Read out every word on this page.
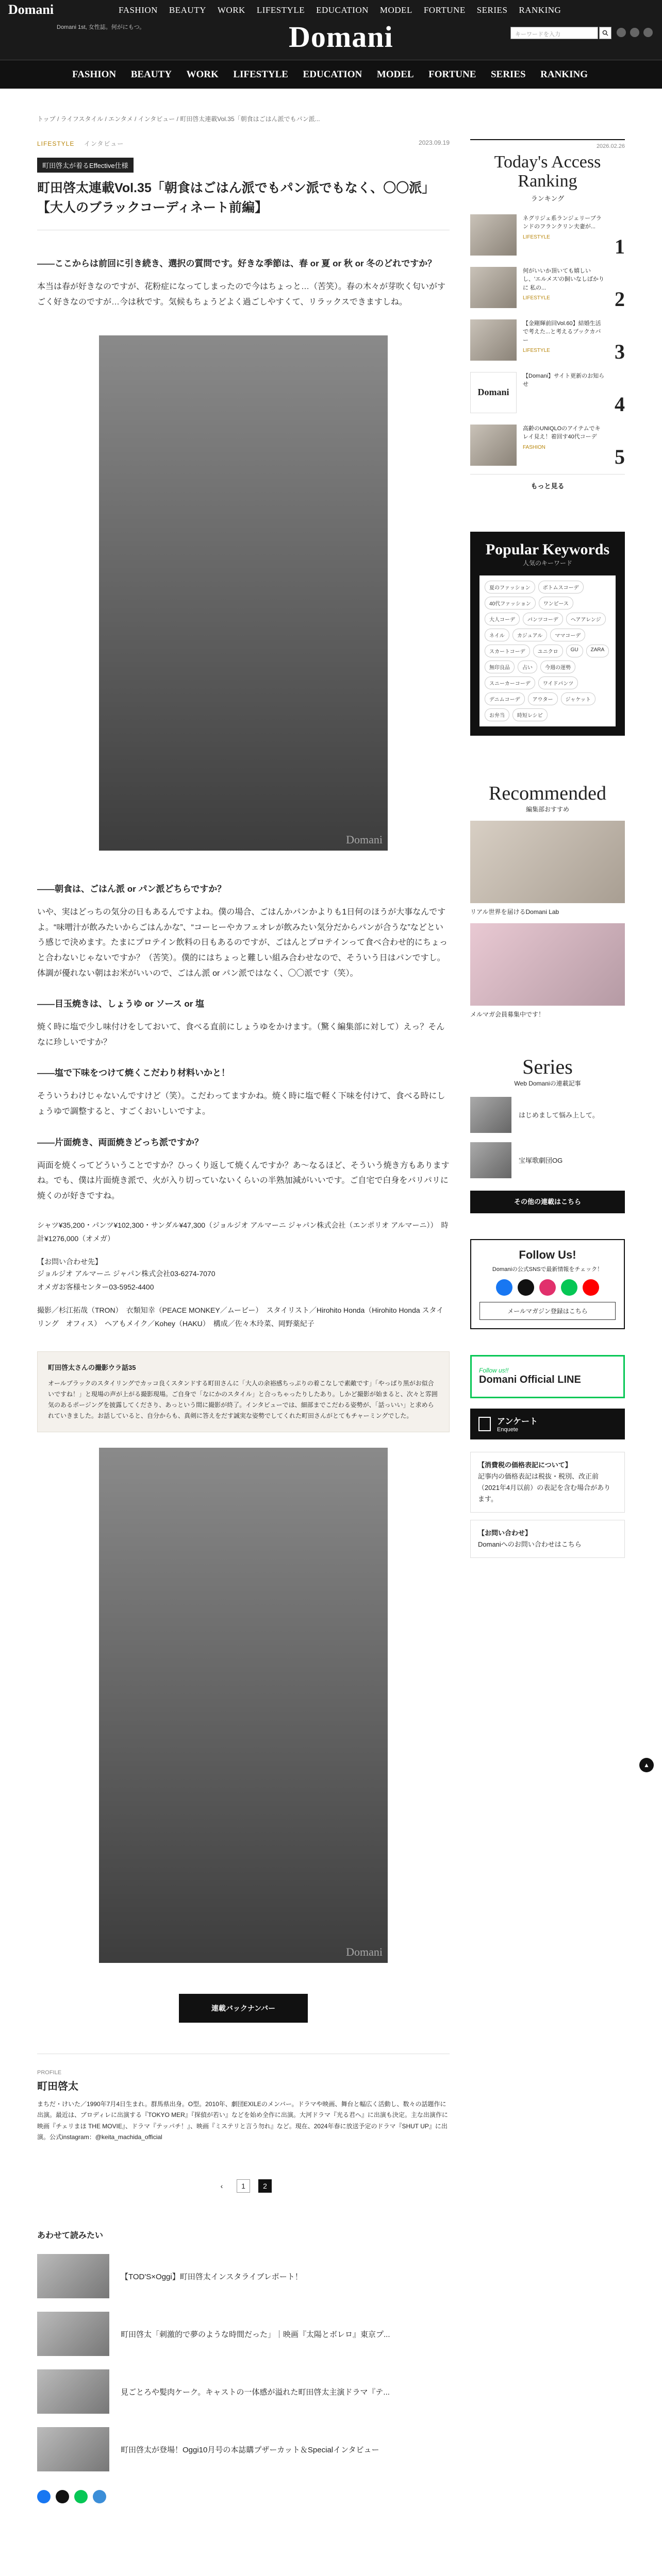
Domani	FASHION BEAUTY WORK LIFESTYLE EDUCATION MODEL FORTUNE SERIES RANKING
Domani 1st, 女性誌。何がにもつ。	Domani	キーワードを入力
FASHION BEAUTY WORK LIFESTYLE EDUCATION MODEL FORTUNE SERIES RANKING
トップ / ライフスタイル / エンタメ / インタビュー / 町田啓太連載Vol.35「朝食はごはん派でもパン派...
LIFESTYLE インタビュー	2023.09.19
町田啓太が着るEffective仕様
町田啓太連載Vol.35「朝食はごはん派でもパン派でもなく、〇〇派」【大人のブラックコーディネート前編】
——ここからは前回に引き続き、選択の質問です。好きな季節は、春 or 夏 or 秋 or 冬のどれですか？

本当は春が好きなのですが、花粉症になってしまったので今はちょっと…（苦笑）。春の木々が芽吹く匂いがすごく好きなのですが…今は秋です。気候もちょうどよく過ごしやすくて、リラックスできますしね。

Domani
——朝食は、ごはん派 or パン派どちらですか？

いや、実はどっちの気分の日もあるんですよね。僕の場合、ごはんかパンかよりも1日何のほうが大事なんですよ。“味噌汁が飲みたいからごはんかな”、“コーヒーやカフェオレが飲みたい気分だからパンが合うな”などという感じで決めます。たまにプロテイン飲料の日もあるのですが、ごはんとプロテインって食べ合わせ的にちょっと合わないじゃないですか？（苦笑）。僕的にはちょっと難しい組み合わせなので、そういう日はパンですし。体調が優れない朝はお米がいいので、ごはん派 or パン派ではなく、〇〇派です（笑）。

——目玉焼きは、しょうゆ or ソース or 塩

焼く時に塩で少し味付けをしておいて、食べる直前にしょうゆをかけます。（驚く編集部に対して）えっ？そんなに珍しいですか？

——塩で下味をつけて焼くこだわり材料いかと！

そういうわけじゃないんですけど（笑）。こだわってますかね。焼く時に塩で軽く下味を付けて、食べる時にしょうゆで調整すると、すごくおいしいですよ。

——片面焼き、両面焼きどっち派ですか？

両面を焼くってどういうことですか？ひっくり返して焼くんですか？あ～なるほど、そういう焼き方もありますね。でも、僕は片面焼き派で、火が入り切っていないくらいの半熟加減がいいです。ご自宅で白身をパリパリに焼くのが好きですね。

シャツ¥35,200・パンツ¥102,300・サンダル¥47,300（ジョルジオ アルマーニ ジャパン株式会社（エンポリオ アルマーニ））　時計¥1276,000（オメガ）

【お問い合わせ先】

ジョルジオ アルマーニ ジャパン株式会社03-6274-7070

オメガお客様センター03-5952-4400

撮影／杉江拓哉（TRON）　衣類知幸（PEACE MONKEY／ムービー）　スタイリスト／Hirohito Honda（Hirohito Honda スタイリング　オフィス）　ヘアもメイク／Kohey（HAKU）　構成／佐々木玲菜、岡野薬紀子

町田啓太さんの撮影ウラ話35

オールブラックのスタイリングでカッコ良くスタンドする町田さんに「大人の余裕感ちっぷりの着こなしで素敵です」「やっぱり黒がお似合いですね！」と現場の声が上がる撮影現場。ご自身で「なにかのスタイル」と合っちゃったりしたあり。しかど撮影が始まると、次々と雰囲気のあるポージングを披露してくださり、あっという間に撮影が終了。インタビューでは、細部までこだわる姿勢が、「話っいい」と求められていきました。お話していると、自分からも、真剣に答えをだす誠実な姿勢でしてくれた町田さんがとてもチャーミングでした。

Domani
連載バックナンバー
PROFILE
町田啓太

まちだ・けいた／1990年7月4日生まれ。群馬県出身。O型。2010年、劇団EXILEのメンバー。ドラマや映画、舞台と幅広く活動し、数々の話題作に出演。最近は、ブロディレに出演する『TOKYO MER』『探偵が若い』などを始め全作に出演。大河ドラマ『光る君へ』に出演も決定。主な出演作に映画『チェリまほ THE MOVIE』、ドラマ『テッパチ！』、映画『ミステリと言う勿れ』など。現在、2024年春に放送予定のドラマ『SHUT UP』に出演。公式instagram：@keita_machida_official

‹	1	2
あわせて読みたい
【TOD'S×Oggi】町田啓太インスタライブレポート！
町田啓太「刺激的で夢のような時間だった」｜映画『太陽とボレロ』東京プ...
見ごとろや髪肉ケーク。キャストの一体感が溢れた町田啓太主演ドラマ『テ...
町田啓太が登場！Oggi10月号の本誌購プザーカット＆Specialインタビュー
2026.02.26
Today's Access Ranking
ランキング
ネグリジェ系ランジェリーブランドのフランクリン夫妻が...
LIFESTYLE	1
何がいいか頂いても嬉しいし、'エルメス'の飼いなしばかりに 私の...
LIFESTYLE	2
【金剛輝前回Vol.60】結婚生活で考えた...と考えるブックカバー
LIFESTYLE	3
Domani
【Domani】サイト更新のお知らせ
4
高齢のUNIQLOのアイテムでキレイ見え！着回す40代コーデ
FASHION	5
もっと見る
Popular Keywords
人気のキーワード
夏のファッション	ボトムスコーデ
40代ファッション	ワンピース
大人コーデ	パンツコーデ	ヘアアレンジ
ネイル	カジュアル	ママコーデ
スカートコーデ	ユニクロ	GU	ZARA
無印良品	占い	今週の運勢
スニーカーコーデ	ワイドパンツ
デニムコーデ	アウター	ジャケット
お弁当	時短レシピ
Recommended
編集部おすすめ
リアル世界を届けるDomani Lab
メルマガ会員募集中です！
Series
Web Domaniの連載記事
はじめまして悩み上して。
宝塚歌劇団OG
その他の連載はこちら
Follow Us!
Domaniの公式SNSで最新情報をチェック！
メールマガジン登録はこちら
Follow us!!
Domani Official LINE
アンケート
Enquete
【消費税の価格表記について】
記事内の価格表記は税抜・税別、改正前（2021年4月以前）の表記を含む場合があります。
【お問い合わせ】
Domaniへのお問い合わせはこちら
▲
